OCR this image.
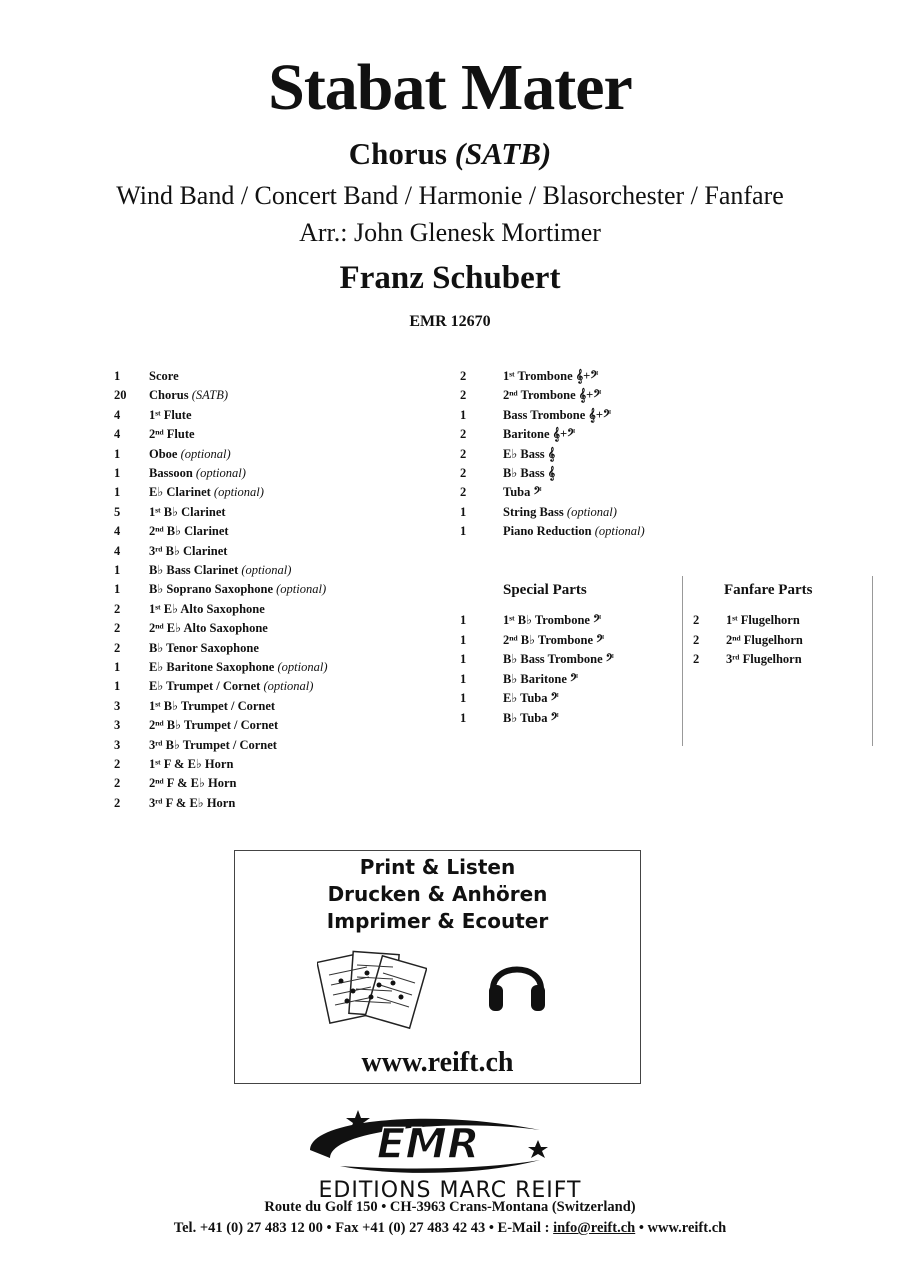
Stabat Mater
Chorus (SATB)
Wind Band / Concert Band / Harmonie / Blasorchester / Fanfare
Arr.: John Glenesk Mortimer
Franz Schubert
EMR 12670
1 Score
20 Chorus (SATB)
4 1ˢᵗ Flute
4 2ⁿᵈ Flute
1 Oboe (optional)
1 Bassoon (optional)
1 E♭ Clarinet (optional)
5 1ˢᵗ B♭ Clarinet
4 2ⁿᵈ B♭ Clarinet
4 3ʳᵈ B♭ Clarinet
1 B♭ Bass Clarinet (optional)
1 B♭ Soprano Saxophone (optional)
2 1ˢᵗ E♭ Alto Saxophone
2 2ⁿᵈ E♭ Alto Saxophone
2 B♭ Tenor Saxophone
1 E♭ Baritone Saxophone (optional)
1 E♭ Trumpet / Cornet (optional)
3 1ˢᵗ B♭ Trumpet / Cornet
3 2ⁿᵈ B♭ Trumpet / Cornet
3 3ʳᵈ B♭ Trumpet / Cornet
2 1ˢᵗ F & E♭ Horn
2 2ⁿᵈ F & E♭ Horn
2 3ʳᵈ F & E♭ Horn
2	1ˢᵗ Trombone 𝄞+𝄢
2	2ⁿᵈ Trombone 𝄞+𝄢
1	Bass Trombone 𝄞+𝄢
2	Baritone 𝄞+𝄢
2	E♭ Bass 𝄞
2	B♭ Bass 𝄞
2	Tuba 𝄢
1	String Bass (optional)
1	Piano Reduction (optional)
Special Parts	Fanfare Parts
1	1ˢᵗ B♭ Trombone 𝄢
1	2ⁿᵈ B♭ Trombone 𝄢
1	B♭ Bass Trombone 𝄢
1	B♭ Baritone 𝄢
1	E♭ Tuba 𝄢
1	B♭ Tuba 𝄢
2 1ˢᵗ Flugelhorn
2 2ⁿᵈ Flugelhorn
2 3ʳᵈ Flugelhorn
Print & Listen
Drucken & Anhören
Imprimer & Ecouter
www.reift.ch
EMR
EDITIONS MARC REIFT
Route du Golf 150 • CH-3963 Crans-Montana (Switzerland)
Tel. +41 (0) 27 483 12 00 • Fax +41 (0) 27 483 42 43 • E-Mail : info@reift.ch • www.reift.ch
